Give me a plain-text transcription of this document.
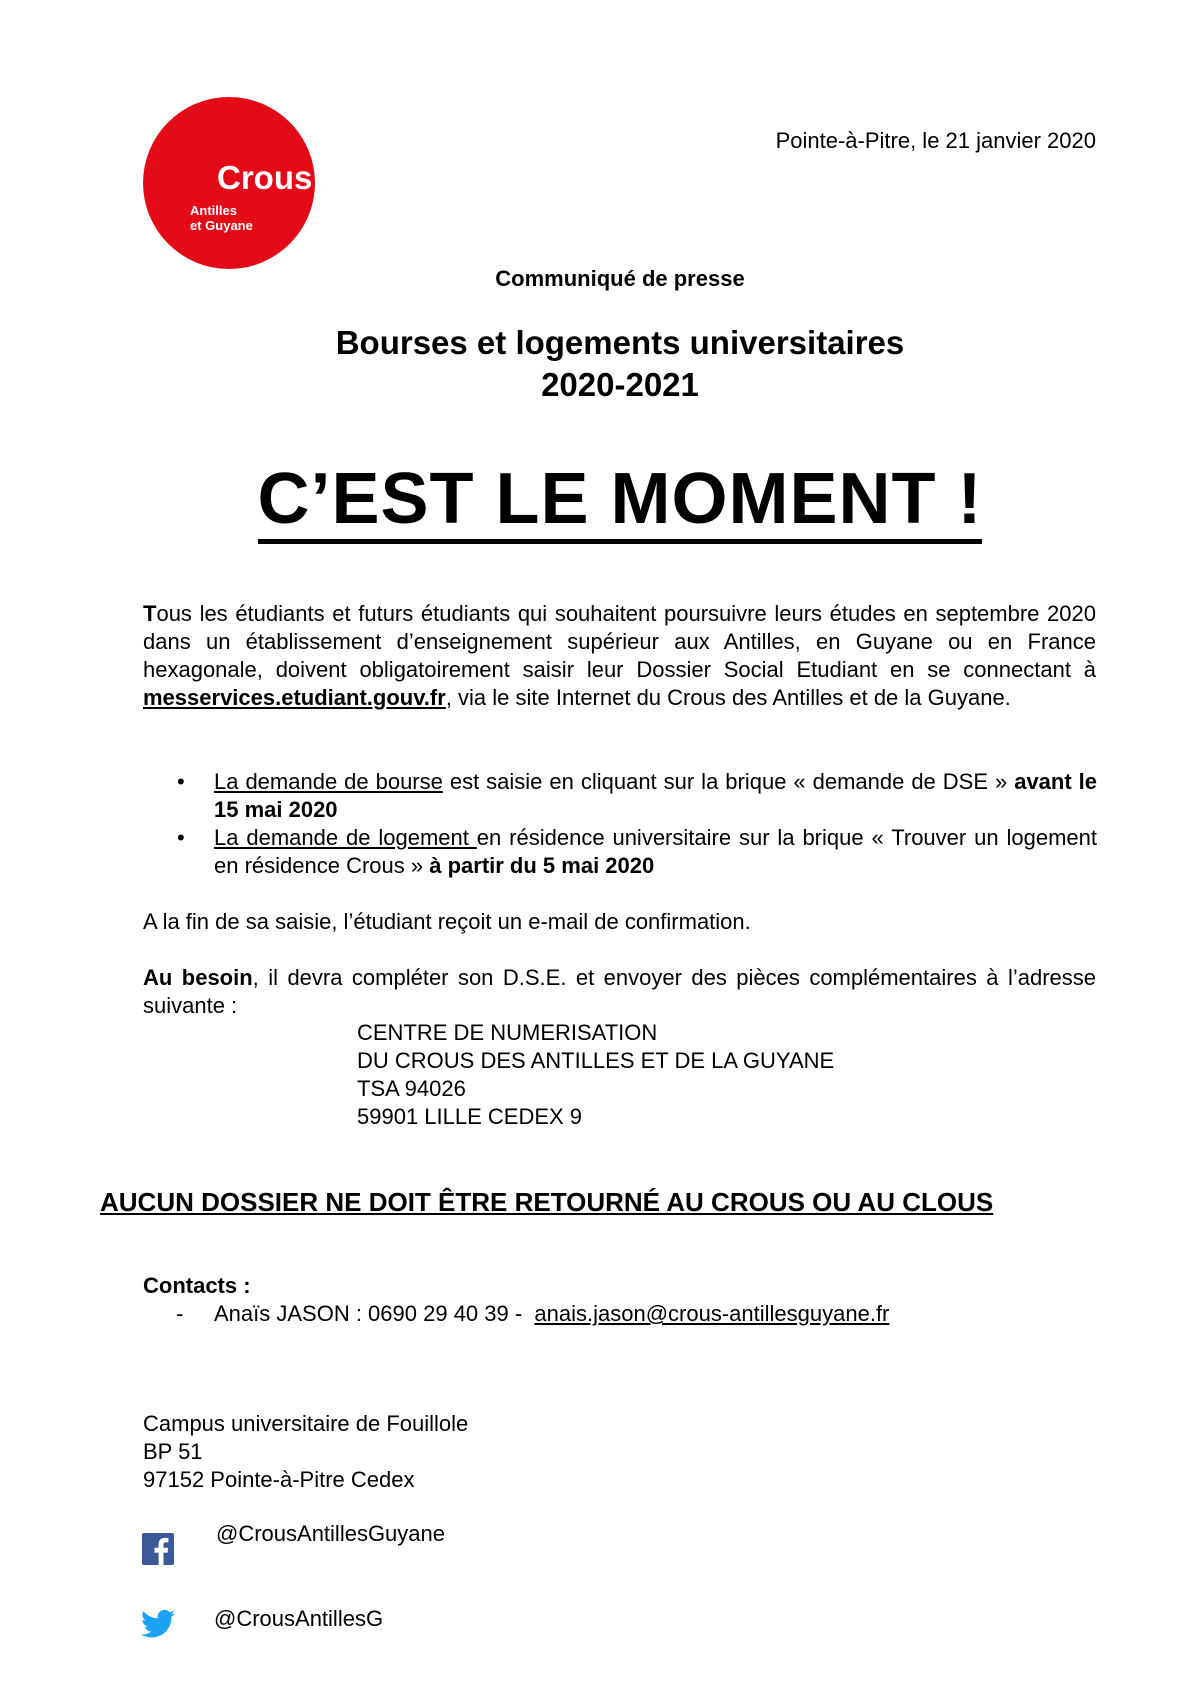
Crous
Antilles
et Guyane
Pointe-à-Pitre, le 21 janvier 2020
Communiqué de presse
Bourses et logements universitaires
2020-2021
C’EST LE MOMENT !
Tous les étudiants et futurs étudiants qui souhaitent poursuivre leurs études en septembre 2020 dans un établissement d’enseignement supérieur aux Antilles, en Guyane ou en France hexagonale, doivent obligatoirement saisir leur Dossier Social Etudiant en se connectant à messervices.etudiant.gouv.fr, via le site Internet du Crous des Antilles et de la Guyane.
• La demande de bourse est saisie en cliquant sur la brique « demande de DSE » avant le 15 mai 2020
• La demande de logement en résidence universitaire sur la brique « Trouver un logement en résidence Crous » à partir du 5 mai 2020
A la fin de sa saisie, l’étudiant reçoit un e-mail de confirmation.
Au besoin, il devra compléter son D.S.E. et envoyer des pièces complémentaires à l’adresse suivante :
CENTRE DE NUMERISATION
DU CROUS DES ANTILLES ET DE LA GUYANE
TSA 94026
59901 LILLE CEDEX 9
AUCUN DOSSIER NE DOIT ÊTRE RETOURNÉ AU CROUS OU AU CLOUS
Contacts :
- Anaïs JASON : 0690 29 40 39 - anais.jason@crous-antillesguyane.fr
Campus universitaire de Fouillole
BP 51
97152 Pointe-à-Pitre Cedex
@CrousAntillesGuyane
@CrousAntillesG
